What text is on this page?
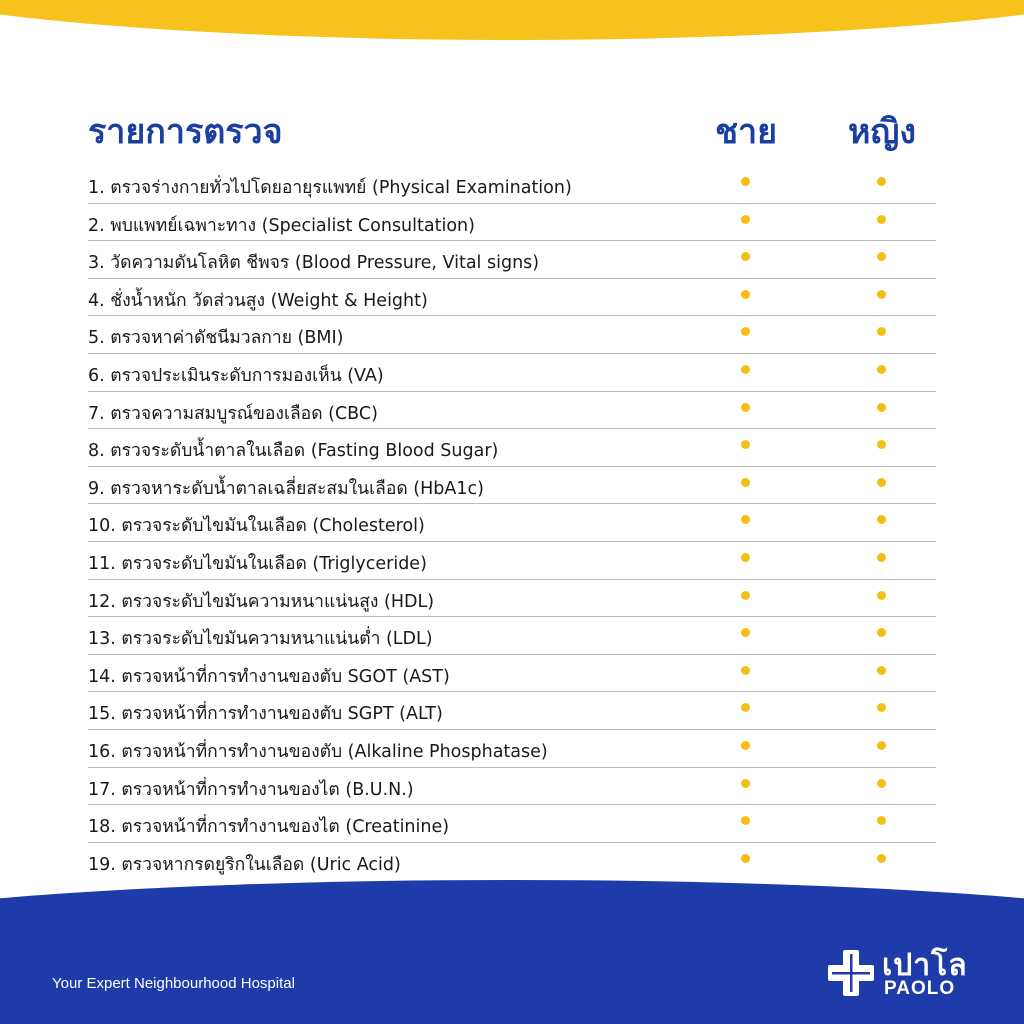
รายการตรวจ	ชาย	หญิง
1. ตรวจร่างกายทั่วไปโดยอายุรแพทย์ (Physical Examination)
2. พบแพทย์เฉพาะทาง (Specialist Consultation)
3. วัดความดันโลหิต ชีพจร (Blood Pressure, Vital signs)
4. ชั่งน้ำหนัก วัดส่วนสูง (Weight & Height)
5. ตรวจหาค่าดัชนีมวลกาย (BMI)
6. ตรวจประเมินระดับการมองเห็น (VA)
7. ตรวจความสมบูรณ์ของเลือด (CBC)
8. ตรวจระดับน้ำตาลในเลือด (Fasting Blood Sugar)
9. ตรวจหาระดับน้ำตาลเฉลี่ยสะสมในเลือด (HbA1c)
10. ตรวจระดับไขมันในเลือด (Cholesterol)
11. ตรวจระดับไขมันในเลือด (Triglyceride)
12. ตรวจระดับไขมันความหนาแน่นสูง (HDL)
13. ตรวจระดับไขมันความหนาแน่นต่ำ (LDL)
14. ตรวจหน้าที่การทำงานของตับ SGOT (AST)
15. ตรวจหน้าที่การทำงานของตับ SGPT (ALT)
16. ตรวจหน้าที่การทำงานของตับ (Alkaline Phosphatase)
17. ตรวจหน้าที่การทำงานของไต (B.U.N.)
18. ตรวจหน้าที่การทำงานของไต (Creatinine)
19. ตรวจหากรดยูริกในเลือด (Uric Acid)
Your Expert Neighbourhood Hospital
เปาโล
PAOLO
